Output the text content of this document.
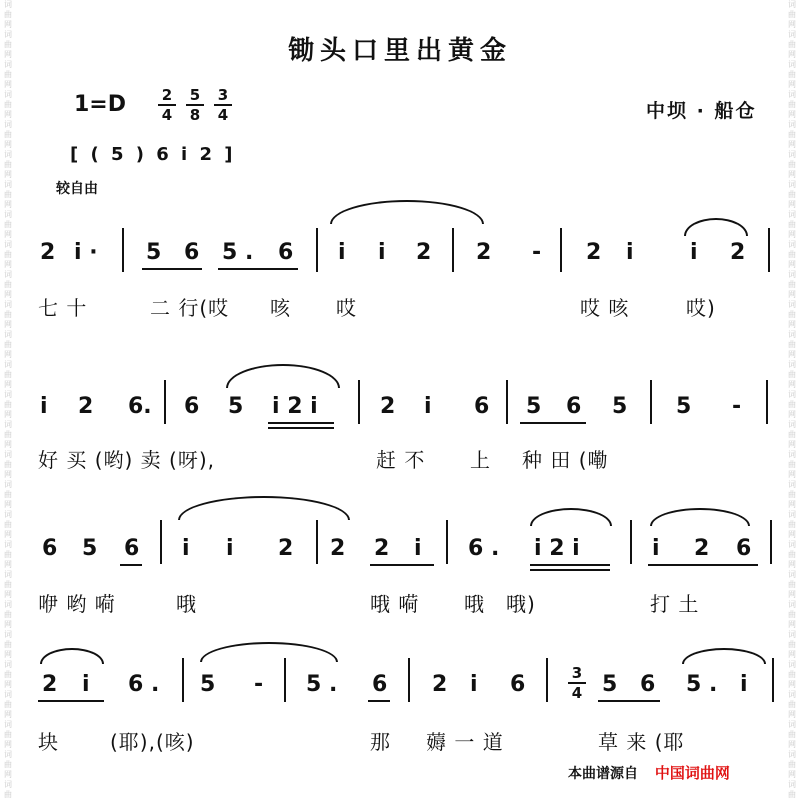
词
曲
网
词
曲
网
词
曲
网
词
曲
网
词
曲
网
词
曲
网
词
曲
网
词
曲
网
词
曲
网
词
曲
网
词
曲
网
词
曲
网
词
曲
网
词
曲
网
词
曲
网
词
曲
网
词
曲
网
词
曲
网
词
曲
网
词
曲
网
词
曲
网
词
曲
网
词
曲
网
词
曲
网
词
曲
网
词
曲
网
词
曲
词
曲
网
词
曲
网
词
曲
网
词
曲
网
词
曲
网
词
曲
网
词
曲
网
词
曲
网
词
曲
网
词
曲
网
词
曲
网
词
曲
网
词
曲
网
词
曲
网
词
曲
网
词
曲
网
词
曲
网
词
曲
网
词
曲
网
词
曲
网
词
曲
网
词
曲
网
词
曲
网
词
曲
网
词
曲
网
词
曲
网
词
曲
锄头口里出黄金
$1=D \frac{2}{4} \frac{5}{8} \frac{3}{4}$	中坝 · 船仓
[ ( 5 ) 6 i 2 ]
较自由
2 i · 5 6 5 . 6 i i 2 2 - 2 i	i 2
七 十	二 行(哎 咳 哎	哎 咳	哎)
i 2 6. 6 5 i 2 i	2 i 6 5 6 5 5 -
好 买 (哟) 卖 (呀),	赶 不 上 种 田 (嘞
6 5 6 i i 2 2 2 i 6 . i 2 i	i 2 6
咿 哟 嗬	哦	哦 嗬 哦 哦)	打 土
2 i 6 . 5 - 5 . 6 2 i 6	$\frac{3}{4} 5$ 6 5 . i
块	(耶),(咳)	那 薅 一 道	草 来 (耶
本曲谱源自 中国词曲网
